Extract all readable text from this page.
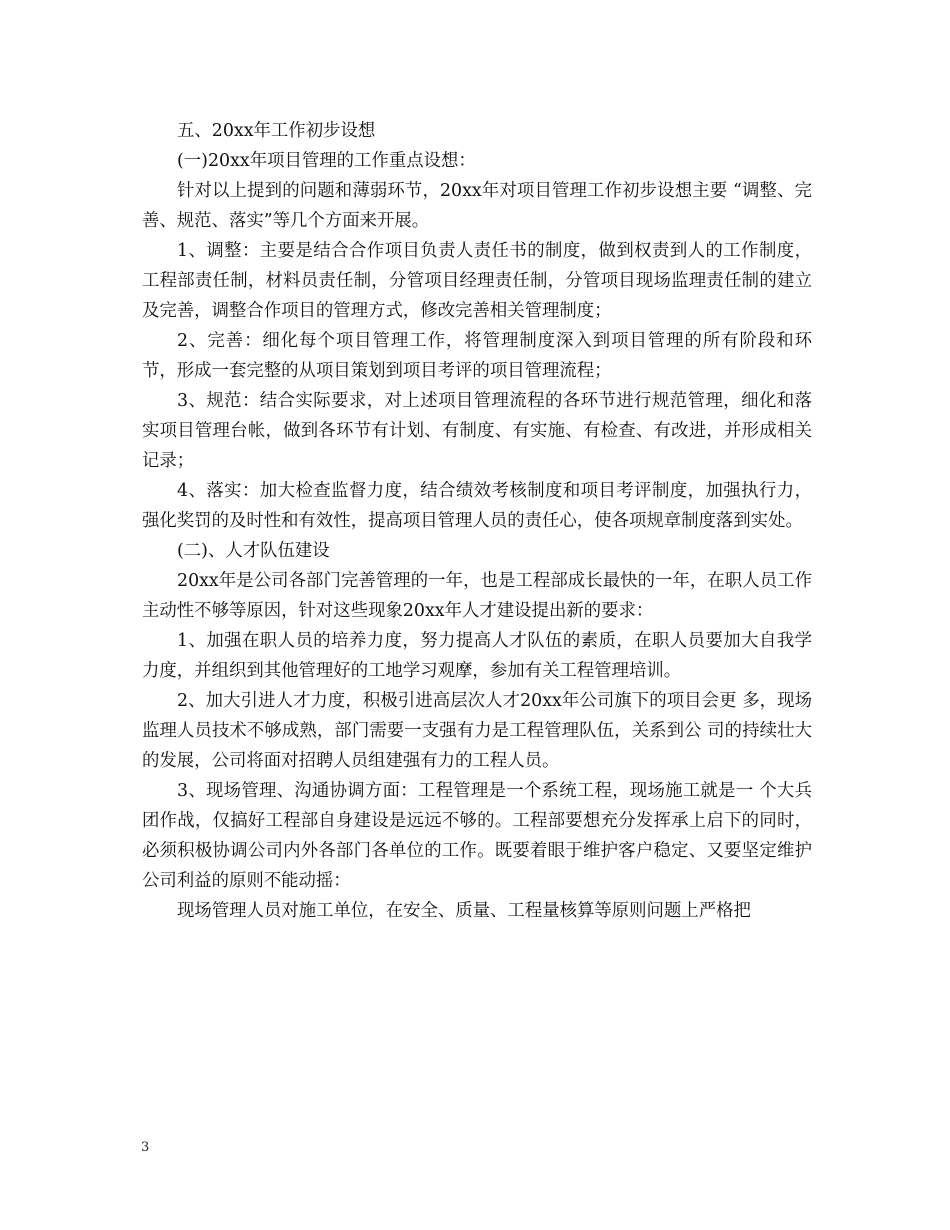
五、20xx年工作初步设想

(一)20xx年项目管理的工作重点设想：

针对以上提到的问题和薄弱环节，20xx年对项目管理工作初步设想主要 “调整、完善、规范、落实”等几个方面来开展。

1、调整：主要是结合合作项目负责人责任书的制度，做到权责到人的工作制度，工程部责任制，材料员责任制，分管项目经理责任制，分管项目现场监理责任制的建立及完善，调整合作项目的管理方式，修改完善相关管理制度；

2、完善：细化每个项目管理工作，将管理制度深入到项目管理的所有阶段和环节，形成一套完整的从项目策划到项目考评的项目管理流程；

3、规范：结合实际要求，对上述项目管理流程的各环节进行规范管理，细化和落实项目管理台帐，做到各环节有计划、有制度、有实施、有检查、有改进，并形成相关记录；

4、落实：加大检查监督力度，结合绩效考核制度和项目考评制度，加强执行力，强化奖罚的及时性和有效性，提高项目管理人员的责任心，使各项规章制度落到实处。

(二)、人才队伍建设

20xx年是公司各部门完善管理的一年，也是工程部成长最快的一年，在职人员工作主动性不够等原因，针对这些现象20xx年人才建设提出新的要求：

1、加强在职人员的培养力度，努力提高人才队伍的素质，在职人员要加大自我学力度，并组织到其他管理好的工地学习观摩，参加有关工程管理培训。

2、加大引进人才力度，积极引进高层次人才20xx年公司旗下的项目会更 多，现场监理人员技术不够成熟，部门需要一支强有力是工程管理队伍，关系到公 司的持续壮大的发展，公司将面对招聘人员组建强有力的工程人员。

3、现场管理、沟通协调方面：工程管理是一个系统工程，现场施工就是一 个大兵团作战，仅搞好工程部自身建设是远远不够的。工程部要想充分发挥承上启下的同时，必须积极协调公司内外各部门各单位的工作。既要着眼于维护客户稳定、又要坚定维护公司利益的原则不能动摇：

现场管理人员对施工单位，在安全、质量、工程量核算等原则问题上严格把

3
